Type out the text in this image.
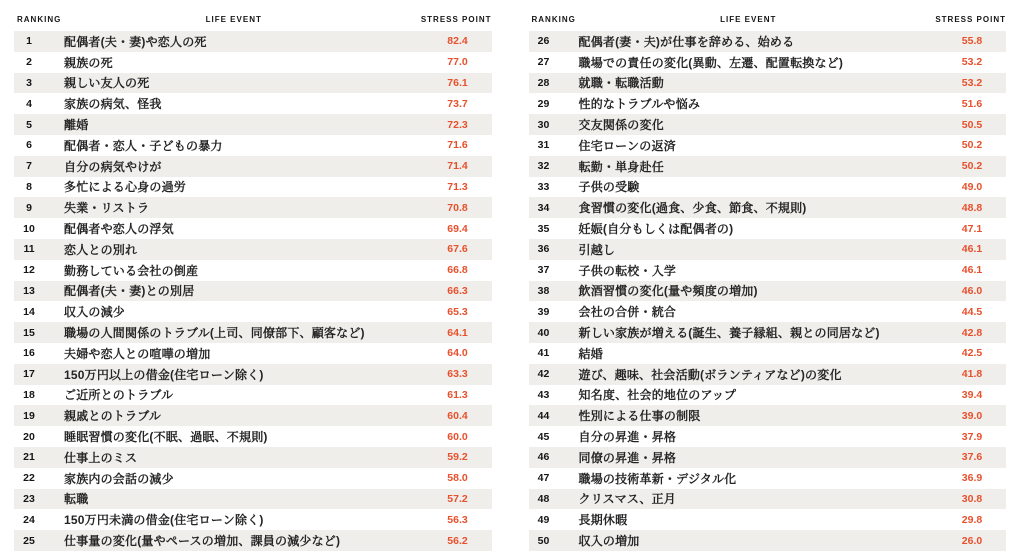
RANKING	LIFE EVENT	STRESS POINT
1	配偶者(夫・妻)や恋人の死	82.4
2	親族の死	77.0
3	親しい友人の死	76.1
4	家族の病気、怪我	73.7
5	離婚	72.3
6	配偶者・恋人・子どもの暴力	71.6
7	自分の病気やけが	71.4
8	多忙による心身の過労	71.3
9	失業・リストラ	70.8
10	配偶者や恋人の浮気	69.4
11	恋人との別れ	67.6
12	勤務している会社の倒産	66.8
13	配偶者(夫・妻)との別居	66.3
14	収入の減少	65.3
15	職場の人間関係のトラブル(上司、同僚部下、顧客など)	64.1
16	夫婦や恋人との喧嘩の増加	64.0
17	150万円以上の借金(住宅ローン除く)	63.3
18	ご近所とのトラブル	61.3
19	親戚とのトラブル	60.4
20	睡眠習慣の変化(不眠、過眠、不規則)	60.0
21	仕事上のミス	59.2
22	家族内の会話の減少	58.0
23	転職	57.2
24	150万円未満の借金(住宅ローン除く)	56.3
25	仕事量の変化(量やペースの増加、課員の減少など)	56.2
RANKING	LIFE EVENT	STRESS POINT
26	配偶者(妻・夫)が仕事を辞める、始める	55.8
27	職場での責任の変化(異動、左遷、配置転換など)	53.2
28	就職・転職活動	53.2
29	性的なトラブルや悩み	51.6
30	交友関係の変化	50.5
31	住宅ローンの返済	50.2
32	転勤・単身赴任	50.2
33	子供の受験	49.0
34	食習慣の変化(過食、少食、節食、不規則)	48.8
35	妊娠(自分もしくは配偶者の)	47.1
36	引越し	46.1
37	子供の転校・入学	46.1
38	飲酒習慣の変化(量や頻度の増加)	46.0
39	会社の合併・統合	44.5
40	新しい家族が増える(誕生、養子縁組、親との同居など)	42.8
41	結婚	42.5
42	遊び、趣味、社会活動(ボランティアなど)の変化	41.8
43	知名度、社会的地位のアップ	39.4
44	性別による仕事の制限	39.0
45	自分の昇進・昇格	37.9
46	同僚の昇進・昇格	37.6
47	職場の技術革新・デジタル化	36.9
48	クリスマス、正月	30.8
49	長期休暇	29.8
50	収入の増加	26.0
